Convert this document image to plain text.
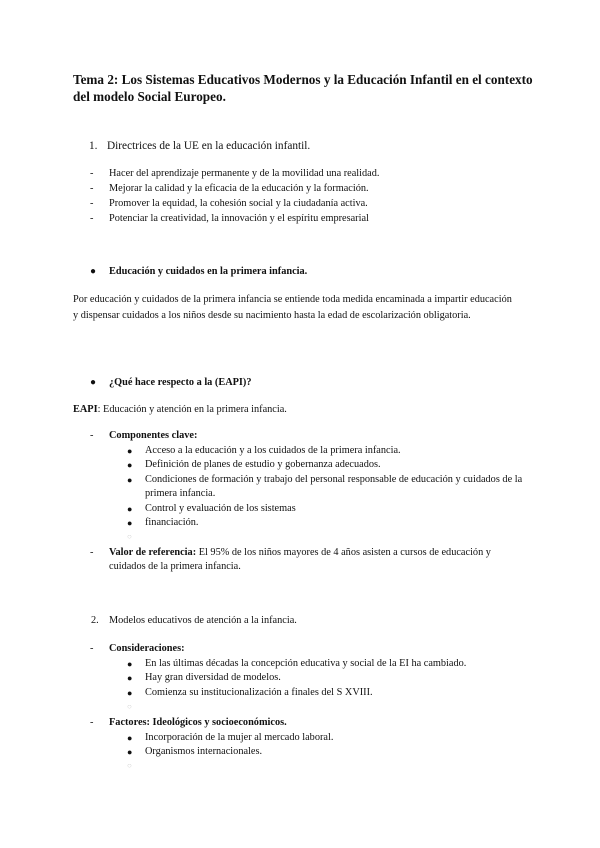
Tema 2: Los Sistemas Educativos Modernos y la Educación Infantil en el contexto del modelo Social Europeo.
1. Directrices de la UE en la educación infantil.
- Hacer del aprendizaje permanente y de la movilidad una realidad.
- Mejorar la calidad y la eficacia de la educación y la formación.
- Promover la equidad, la cohesión social y la ciudadanía activa.
- Potenciar la creatividad, la innovación y el espíritu empresarial
● Educación y cuidados en la primera infancia.
Por educación y cuidados de la primera infancia se entiende toda medida encaminada a impartir educación y dispensar cuidados a los niños desde su nacimiento hasta la edad de escolarización obligatoria.
● ¿Qué hace respecto a la (EAPI)?
EAPI: Educación y atención en la primera infancia.
- Componentes clave:
● Acceso a la educación y a los cuidados de la primera infancia.
● Definición de planes de estudio y gobernanza adecuados.
● Condiciones de formación y trabajo del personal responsable de educación y cuidados de la primera infancia.
● Control y evaluación de los sistemas
● financiación.
○
- Valor de referencia: El 95% de los niños mayores de 4 años asisten a cursos de educación y cuidados de la primera infancia.
2. Modelos educativos de atención a la infancia.
- Consideraciones:
● En las últimas décadas la concepción educativa y social de la EI ha cambiado.
● Hay gran diversidad de modelos.
● Comienza su institucionalización a finales del S XVIII.
○
- Factores: Ideológicos y socioeconómicos.
● Incorporación de la mujer al mercado laboral.
● Organismos internacionales.
○
